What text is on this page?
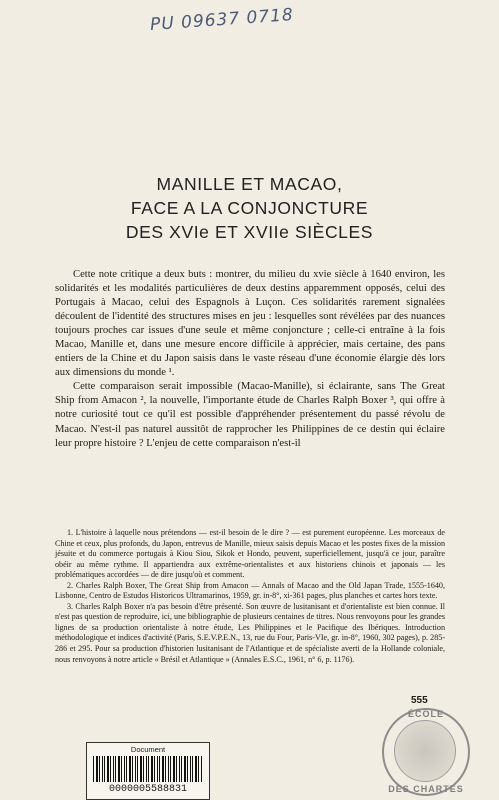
PU 09637 0718
MANILLE ET MACAO,
FACE A LA CONJONCTURE
DES XVIe ET XVIIe SIÈCLES

Cette note critique a deux buts : montrer, du milieu du xvie siècle à 1640 environ, les solidarités et les modalités particulières de deux destins apparemment opposés, celui des Portugais à Macao, celui des Espagnols à Luçon. Ces solidarités rarement signalées découlent de l'identité des structures mises en jeu : lesquelles sont révélées par des nuances toujours proches car issues d'une seule et même conjoncture ; celle-ci entraîne à la fois Macao, Manille et, dans une mesure encore difficile à apprécier, mais certaine, des pans entiers de la Chine et du Japon saisis dans le vaste réseau d'une économie élargie dès lors aux dimensions du monde ¹.

Cette comparaison serait impossible (Macao-Manille), si éclairante, sans The Great Ship from Amacon ², la nouvelle, l'importante étude de Charles Ralph Boxer ³, qui offre à notre curiosité tout ce qu'il est possible d'appréhender présentement du passé révolu de Macao. N'est-il pas naturel aussitôt de rapprocher les Philippines de ce destin qui éclaire leur propre histoire ? L'enjeu de cette comparaison n'est-il

1. L'histoire à laquelle nous prétendons — est-il besoin de le dire ? — est purement européenne. Les morceaux de Chine et ceux, plus profonds, du Japon, entrevus de Manille, mieux saisis depuis Macao et les postes fixes de la mission jésuite et du commerce portugais à Kiou Siou, Sikok et Hondo, peuvent, superficiellement, jusqu'à ce jour, paraître obéir au même rythme. Il appartiendra aux extrême-orientalistes et aux historiens chinois et japonais — les problématiques accordées — de dire jusqu'où et comment.

2. Charles Ralph Boxer, The Great Ship from Amacon — Annals of Macao and the Old Japan Trade, 1555-1640, Lisbonne, Centro de Estudos Historicos Ultramarinos, 1959, gr. in-8°, xi-361 pages, plus planches et cartes hors texte.

3. Charles Ralph Boxer n'a pas besoin d'être présenté. Son œuvre de lusitanisant et d'orientaliste est bien connue. Il n'est pas question de reproduire, ici, une bibliographie de plusieurs centaines de titres. Nous renvoyons pour les grandes lignes de sa production orientaliste à notre étude, Les Philippines et le Pacifique des Ibériques. Introduction méthodologique et indices d'activité (Paris, S.E.V.P.E.N., 13, rue du Four, Paris-VIe, gr. in-8°, 1960, 302 pages), p. 285-286 et 295. Pour sa production d'historien lusitanisant de l'Atlantique et de spécialiste averti de la Hollande coloniale, nous renvoyons à notre article « Brésil et Atlantique » (Annales E.S.C., 1961, n° 6, p. 1176).

555
ÉCOLE
DES CHARTES
Document
0000005588831
